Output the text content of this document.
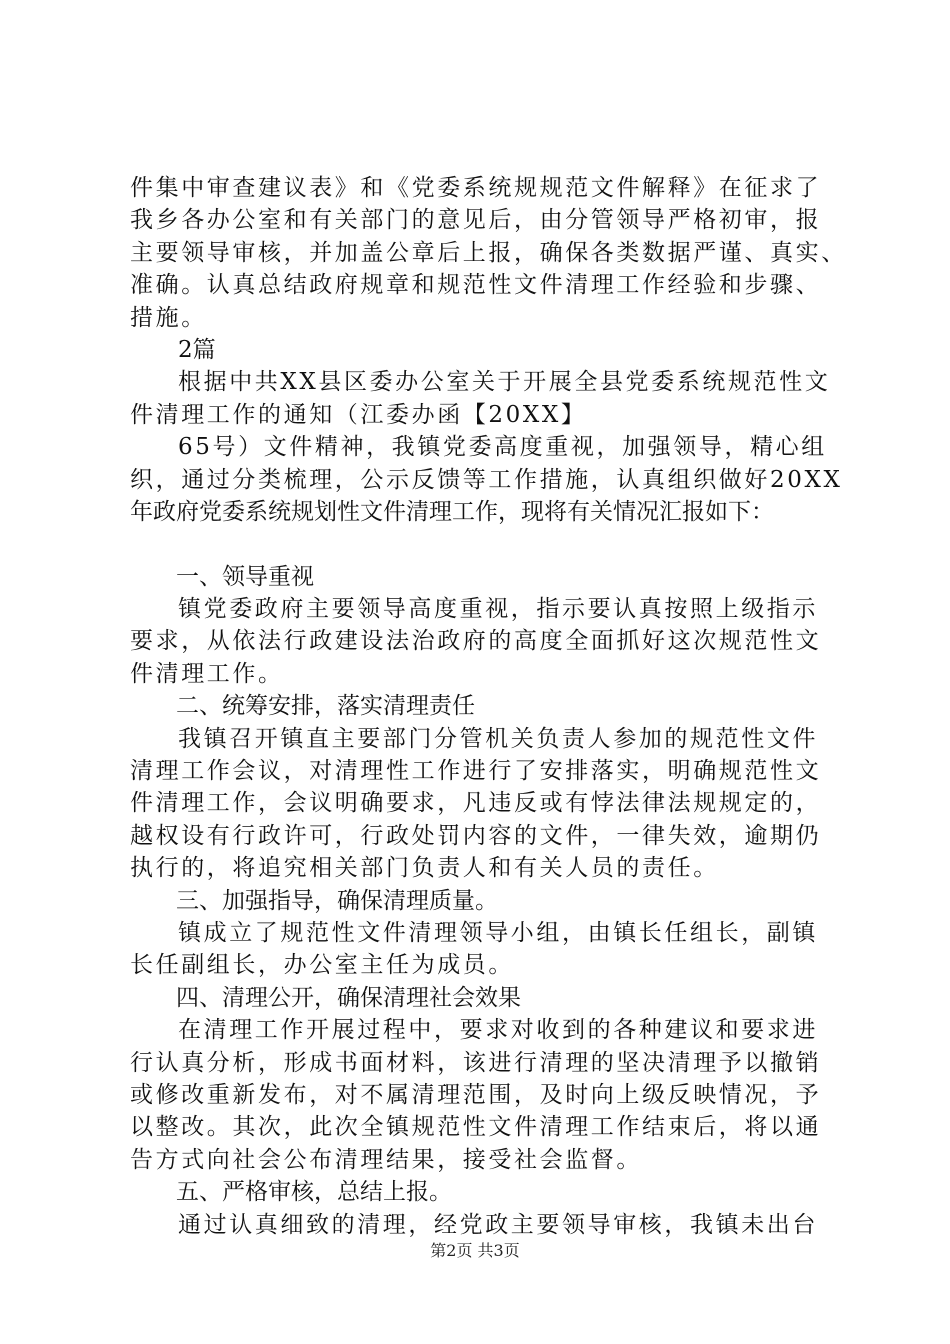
件集中审查建议表》和《党委系统规规范文件解释》在征求了
我乡各办公室和有关部门的意见后，由分管领导严格初审，报
主要领导审核，并加盖公章后上报，确保各类数据严谨、真实、
准确。认真总结政府规章和规范性文件清理工作经验和步骤、
措施。
2篇
根据中共XX县区委办公室关于开展全县党委系统规范性文
件清理工作的通知（江委办函【20XX】
65号）文件精神，我镇党委高度重视，加强领导，精心组
织，通过分类梳理，公示反馈等工作措施，认真组织做好20XX
年政府党委系统规划性文件清理工作，现将有关情况汇报如下：
一、领导重视
镇党委政府主要领导高度重视，指示要认真按照上级指示
要求，从依法行政建设法治政府的高度全面抓好这次规范性文
件清理工作。
二、统筹安排，落实清理责任
我镇召开镇直主要部门分管机关负责人参加的规范性文件
清理工作会议，对清理性工作进行了安排落实，明确规范性文
件清理工作，会议明确要求，凡违反或有悖法律法规规定的，
越权设有行政许可，行政处罚内容的文件，一律失效，逾期仍
执行的，将追究相关部门负责人和有关人员的责任。
三、加强指导，确保清理质量。
镇成立了规范性文件清理领导小组，由镇长任组长，副镇
长任副组长，办公室主任为成员。
四、清理公开，确保清理社会效果
在清理工作开展过程中，要求对收到的各种建议和要求进
行认真分析，形成书面材料，该进行清理的坚决清理予以撤销
或修改重新发布，对不属清理范围，及时向上级反映情况，予
以整改。其次，此次全镇规范性文件清理工作结束后，将以通
告方式向社会公布清理结果，接受社会监督。
五、严格审核，总结上报。
通过认真细致的清理，经党政主要领导审核，我镇未出台
第2页 共3页
